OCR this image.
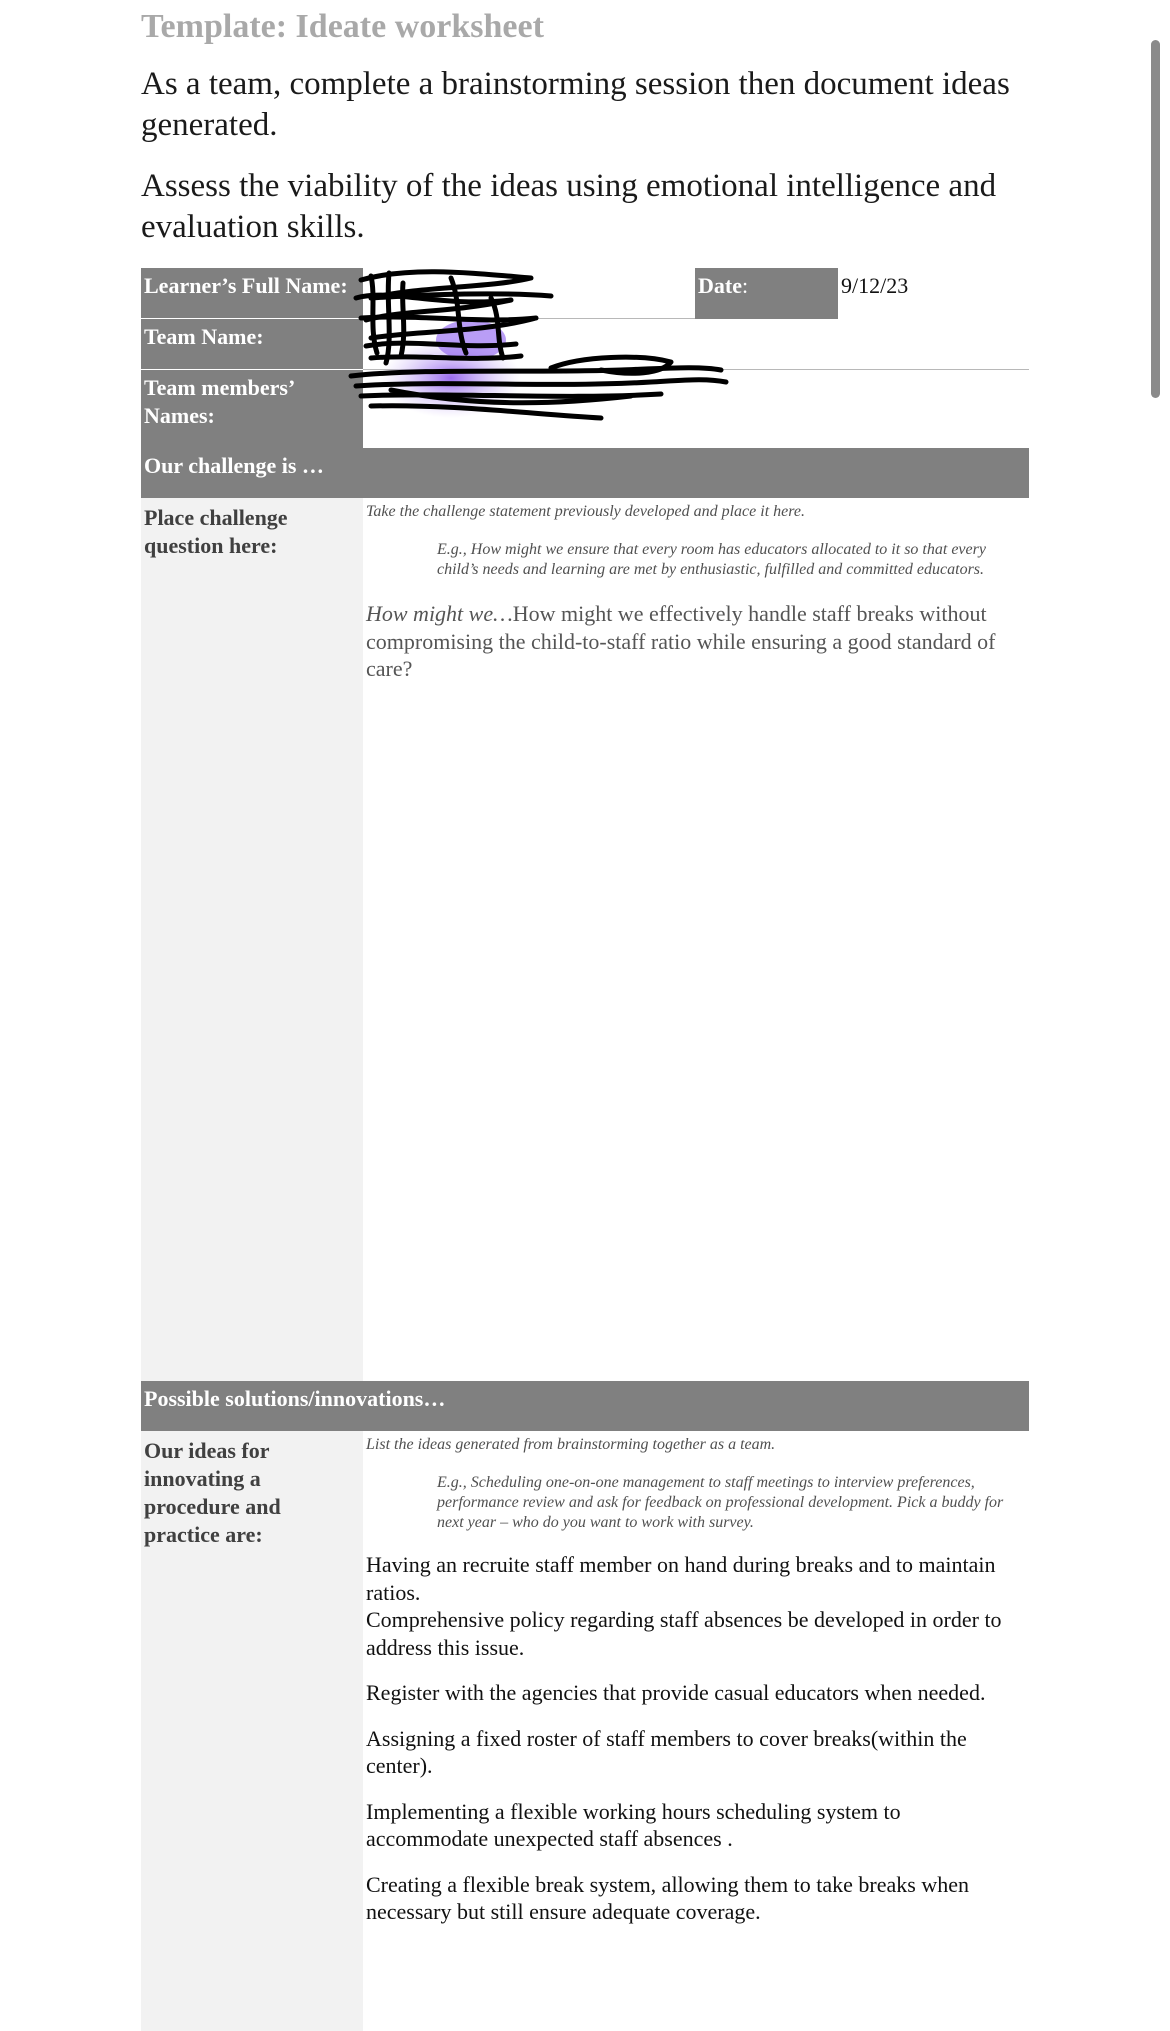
Template: Ideate worksheet
As a team, complete a brainstorming session then document ideas generated.
Assess the viability of the ideas using emotional intelligence and evaluation skills.
Learner’s Full Name:
Team Name:
Team members’ Names:
Date:	9/12/23
Our challenge is …
Place challenge question here:
Take the challenge statement previously developed and place it here.
E.g., How might we ensure that every room has educators allocated to it so that every child’s needs and learning are met by enthusiastic, fulfilled and committed educators.
How might we…How might we effectively handle staff breaks without compromising the child-to-staff ratio while ensuring a good standard of care?
Possible solutions/innovations…
Our ideas for innovating a procedure and practice are:
List the ideas generated from brainstorming together as a team.
E.g., Scheduling one-on-one management to staff meetings to interview preferences, performance review and ask for feedback on professional development. Pick a buddy for next year – who do you want to work with survey.
Having an recruite staff member on hand during breaks and to maintain ratios.
Comprehensive policy regarding staff absences be developed in order to address this issue.
Register with the agencies that provide casual educators when needed.
Assigning a fixed roster of staff members to cover breaks(within the center).
Implementing a flexible working hours scheduling system to accommodate unexpected staff absences .
Creating a flexible break system, allowing them to take breaks when necessary but still ensure adequate coverage.
